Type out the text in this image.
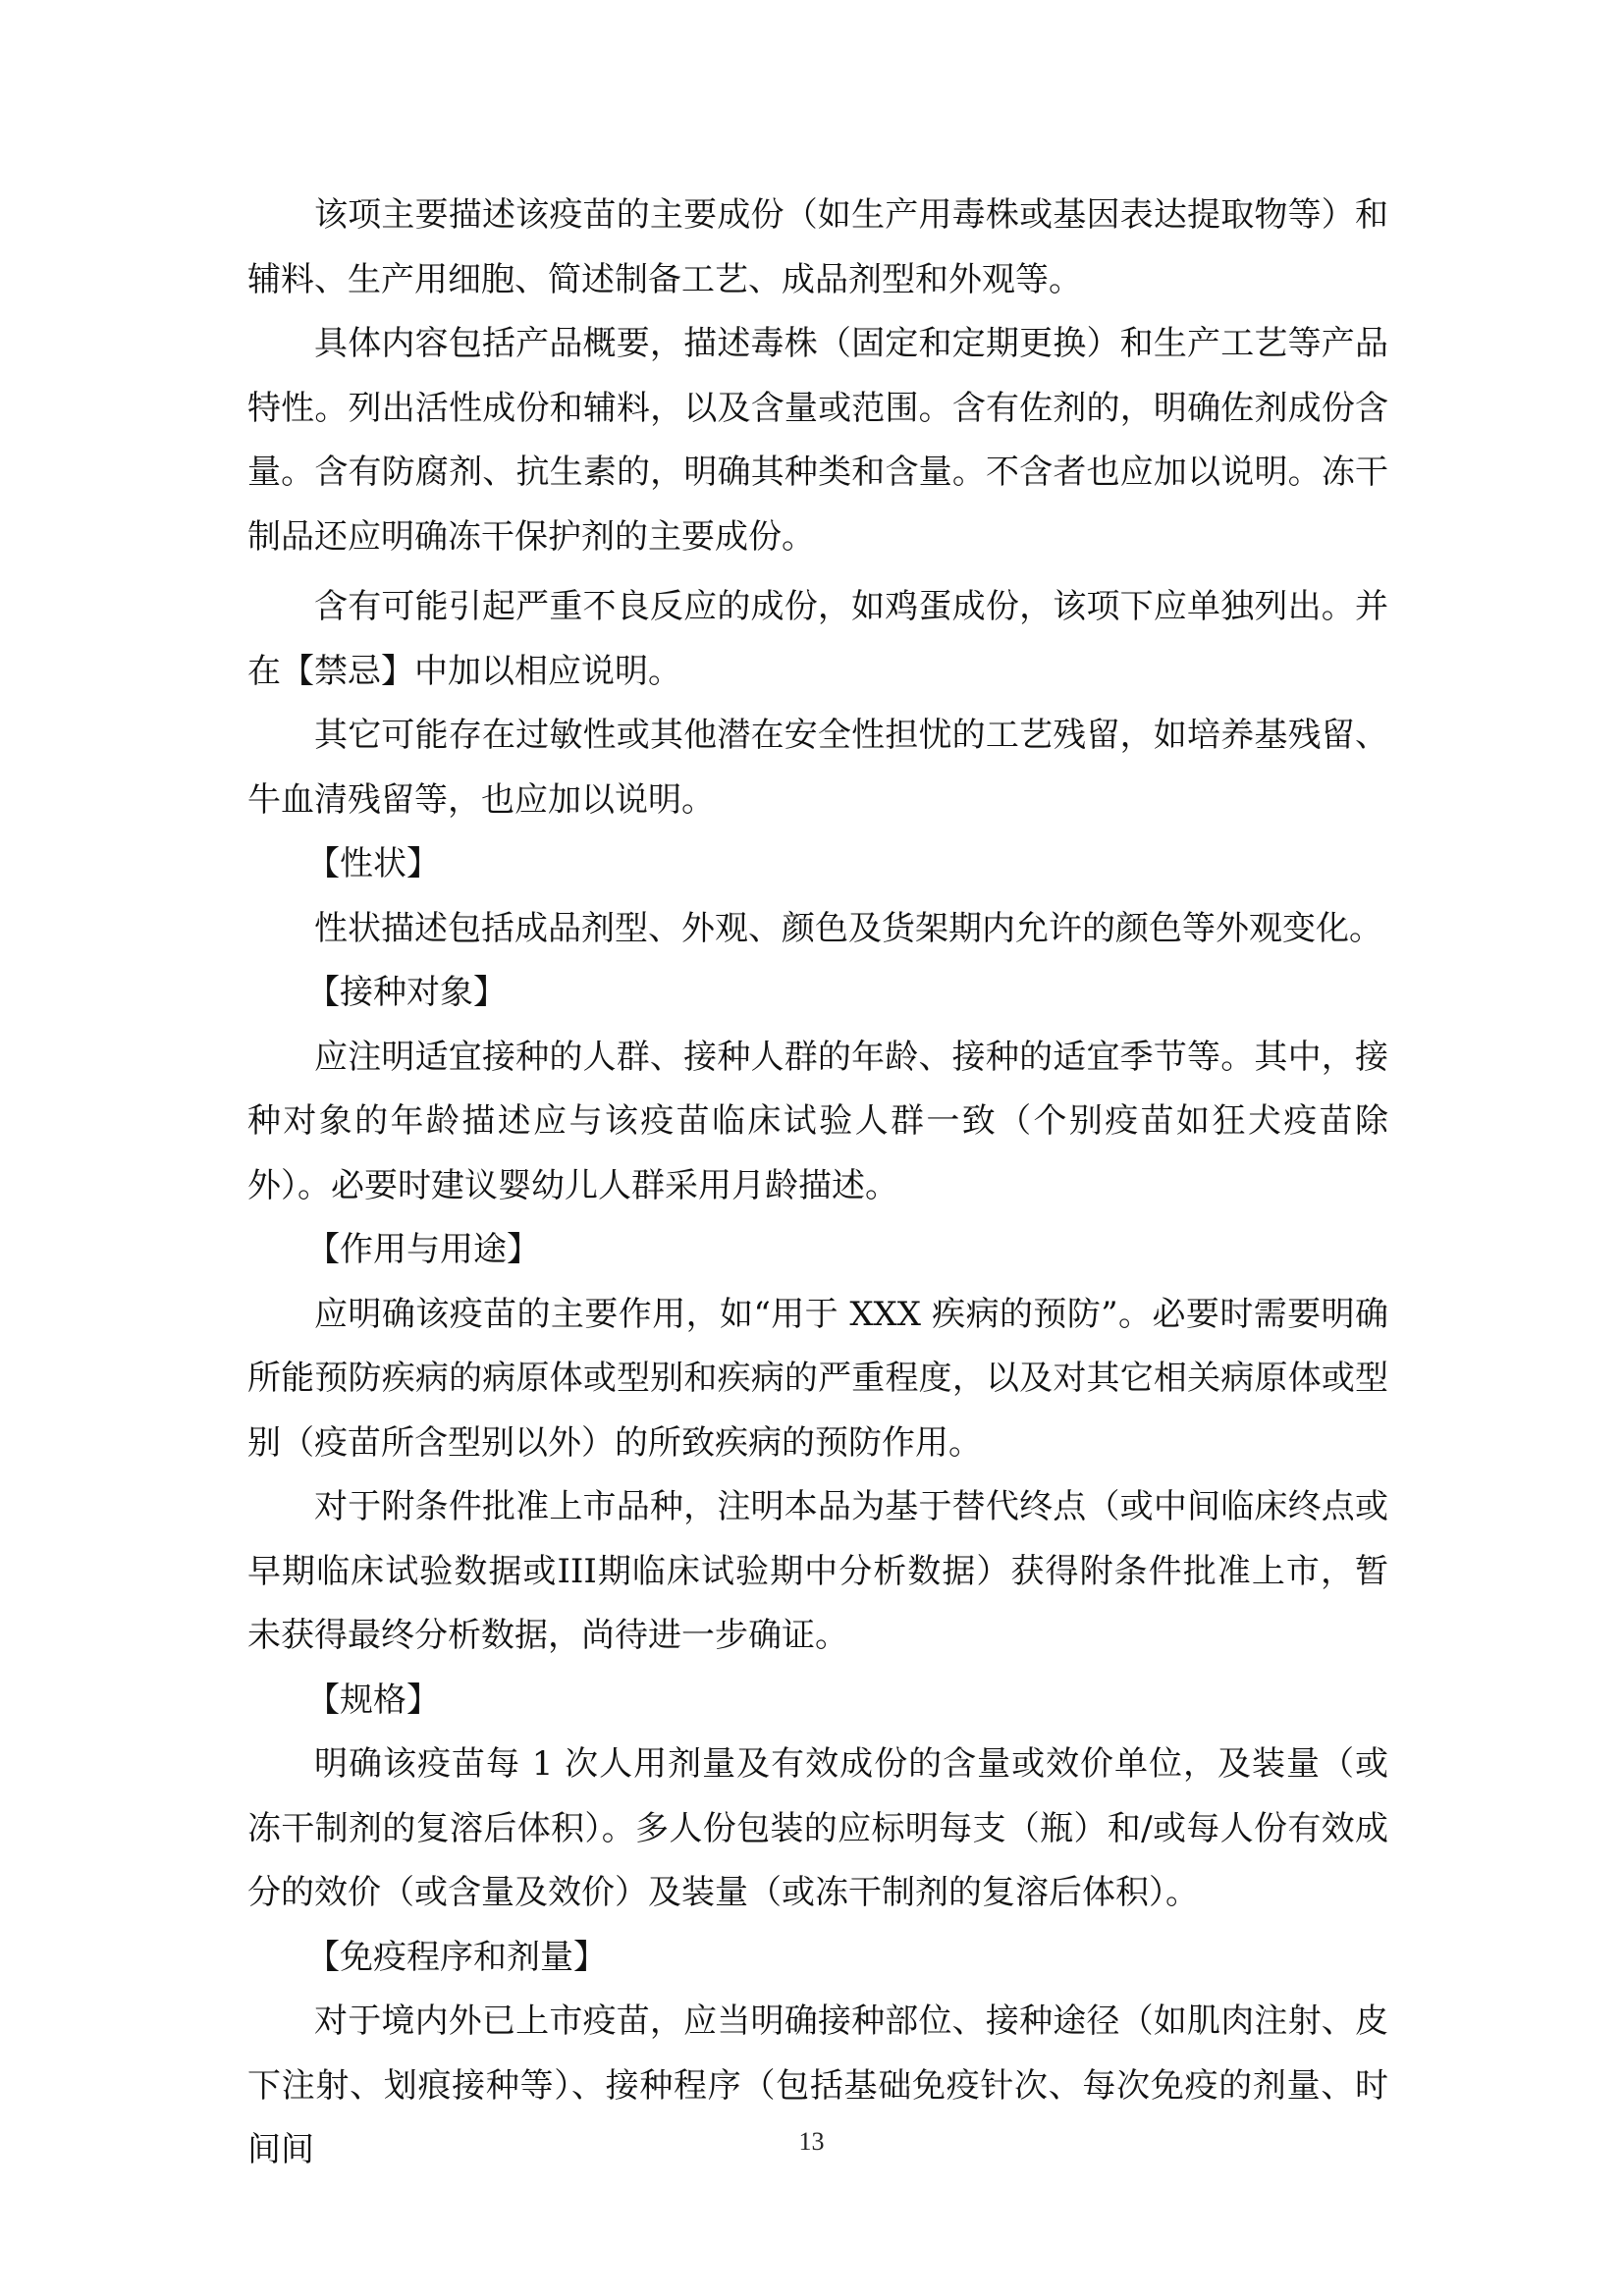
该项主要描述该疫苗的主要成份（如生产用毒株或基因表达提取物等）和辅料、生产用细胞、简述制备工艺、成品剂型和外观等。

具体内容包括产品概要，描述毒株（固定和定期更换）和生产工艺等产品特性。列出活性成份和辅料，以及含量或范围。含有佐剂的，明确佐剂成份含量。含有防腐剂、抗生素的，明确其种类和含量。不含者也应加以说明。冻干制品还应明确冻干保护剂的主要成份。

含有可能引起严重不良反应的成份，如鸡蛋成份，该项下应单独列出。并在【禁忌】中加以相应说明。

其它可能存在过敏性或其他潜在安全性担忧的工艺残留，如培养基残留、牛血清残留等，也应加以说明。

【性状】

性状描述包括成品剂型、外观、颜色及货架期内允许的颜色等外观变化。

【接种对象】

应注明适宜接种的人群、接种人群的年龄、接种的适宜季节等。其中，接种对象的年龄描述应与该疫苗临床试验人群一致（个别疫苗如狂犬疫苗除外）。必要时建议婴幼儿人群采用月龄描述。

【作用与用途】

应明确该疫苗的主要作用，如“用于 XXX 疾病的预防”。必要时需要明确所能预防疾病的病原体或型别和疾病的严重程度，以及对其它相关病原体或型别（疫苗所含型别以外）的所致疾病的预防作用。

对于附条件批准上市品种，注明本品为基于替代终点（或中间临床终点或早期临床试验数据或III期临床试验期中分析数据）获得附条件批准上市，暂未获得最终分析数据，尚待进一步确证。

【规格】

明确该疫苗每 1 次人用剂量及有效成份的含量或效价单位，及装量（或冻干制剂的复溶后体积）。多人份包装的应标明每支（瓶）和/或每人份有效成分的效价（或含量及效价）及装量（或冻干制剂的复溶后体积）。

【免疫程序和剂量】

对于境内外已上市疫苗，应当明确接种部位、接种途径（如肌肉注射、皮下注射、划痕接种等）、接种程序（包括基础免疫针次、每次免疫的剂量、时间间	13
